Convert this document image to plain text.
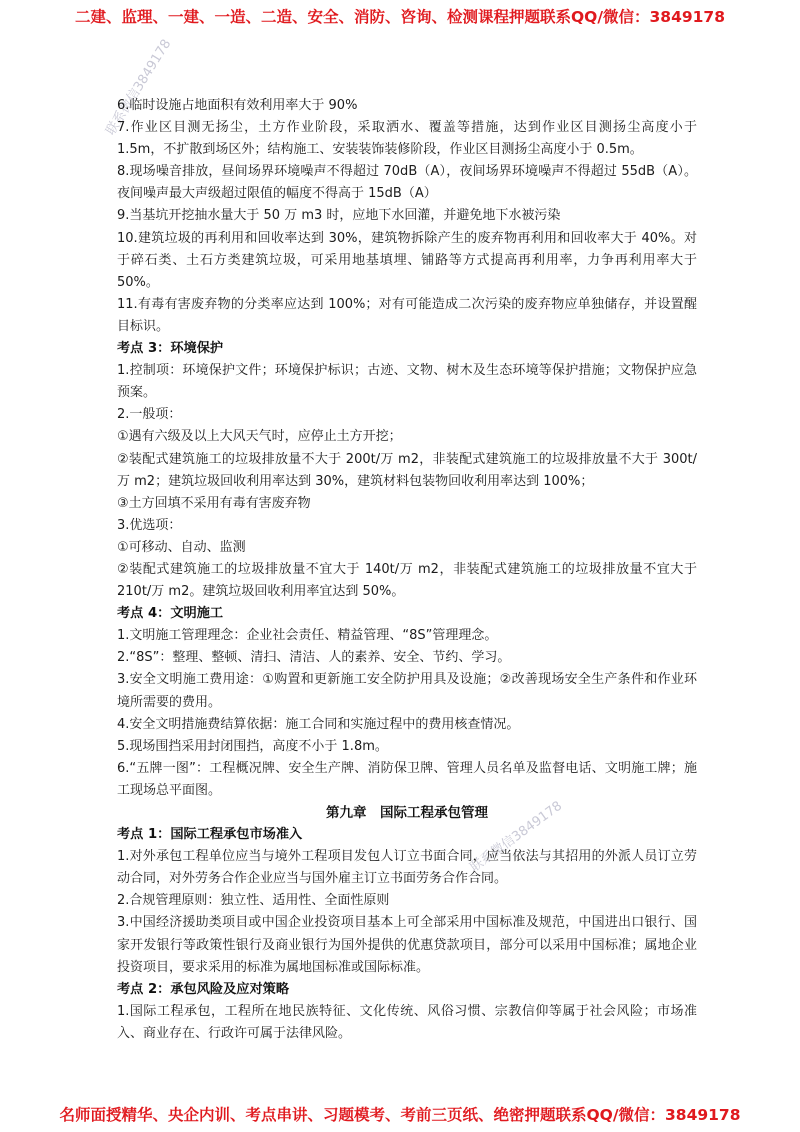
二建、监理、一建、一造、二造、安全、消防、咨询、检测课程押题联系QQ/微信：3849178
联系微信3849178
联系微信3849178

6.临时设施占地面积有效利用率大于 90%

7.作业区目测无扬尘，土方作业阶段，采取洒水、覆盖等措施，达到作业区目测扬尘高度小于 1.5m，不扩散到场区外；结构施工、安装装饰装修阶段，作业区目测扬尘高度小于 0.5m。

8.现场噪音排放，昼间场界环境噪声不得超过 70dB（A），夜间场界环境噪声不得超过 55dB（A）。夜间噪声最大声级超过限值的幅度不得高于 15dB（A）

9.当基坑开挖抽水量大于 50 万 m3 时，应地下水回灌，并避免地下水被污染

10.建筑垃圾的再利用和回收率达到 30%，建筑物拆除产生的废弃物再利用和回收率大于 40%。对于碎石类、土石方类建筑垃圾，可采用地基填埋、铺路等方式提高再利用率，力争再利用率大于 50%。

11.有毒有害废弃物的分类率应达到 100%；对有可能造成二次污染的废弃物应单独储存，并设置醒目标识。

考点 3：环境保护

1.控制项：环境保护文件；环境保护标识；古迹、文物、树木及生态环境等保护措施；文物保护应急预案。

2.一般项：

①遇有六级及以上大风天气时，应停止土方开挖；

②装配式建筑施工的垃圾排放量不大于 200t/万 m2，非装配式建筑施工的垃圾排放量不大于 300t/万 m2；建筑垃圾回收利用率达到 30%，建筑材料包装物回收利用率达到 100%；

③土方回填不采用有毒有害废弃物

3.优选项：

①可移动、自动、监测

②装配式建筑施工的垃圾排放量不宜大于 140t/万 m2，非装配式建筑施工的垃圾排放量不宜大于 210t/万 m2。建筑垃圾回收利用率宜达到 50%。

考点 4：文明施工

1.文明施工管理理念：企业社会责任、精益管理、“8S”管理理念。

2.“8S”：整理、整顿、清扫、清洁、人的素养、安全、节约、学习。

3.安全文明施工费用途：①购置和更新施工安全防护用具及设施；②改善现场安全生产条件和作业环境所需要的费用。

4.安全文明措施费结算依据：施工合同和实施过程中的费用核查情况。

5.现场围挡采用封闭围挡，高度不小于 1.8m。

6.“五牌一图”：工程概况牌、安全生产牌、消防保卫牌、管理人员名单及监督电话、文明施工牌；施工现场总平面图。

第九章　国际工程承包管理

考点 1：国际工程承包市场准入

1.对外承包工程单位应当与境外工程项目发包人订立书面合同，应当依法与其招用的外派人员订立劳动合同，对外劳务合作企业应当与国外雇主订立书面劳务合作合同。

2.合规管理原则：独立性、适用性、全面性原则

3.中国经济援助类项目或中国企业投资项目基本上可全部采用中国标准及规范，中国进出口银行、国家开发银行等政策性银行及商业银行为国外提供的优惠贷款项目，部分可以采用中国标准；属地企业投资项目，要求采用的标准为属地国标准或国际标准。

考点 2：承包风险及应对策略

1.国际工程承包，工程所在地民族特征、文化传统、风俗习惯、宗教信仰等属于社会风险；市场准入、商业存在、行政许可属于法律风险。

名师面授精华、央企内训、考点串讲、习题模考、考前三页纸、绝密押题联系QQ/微信：3849178
